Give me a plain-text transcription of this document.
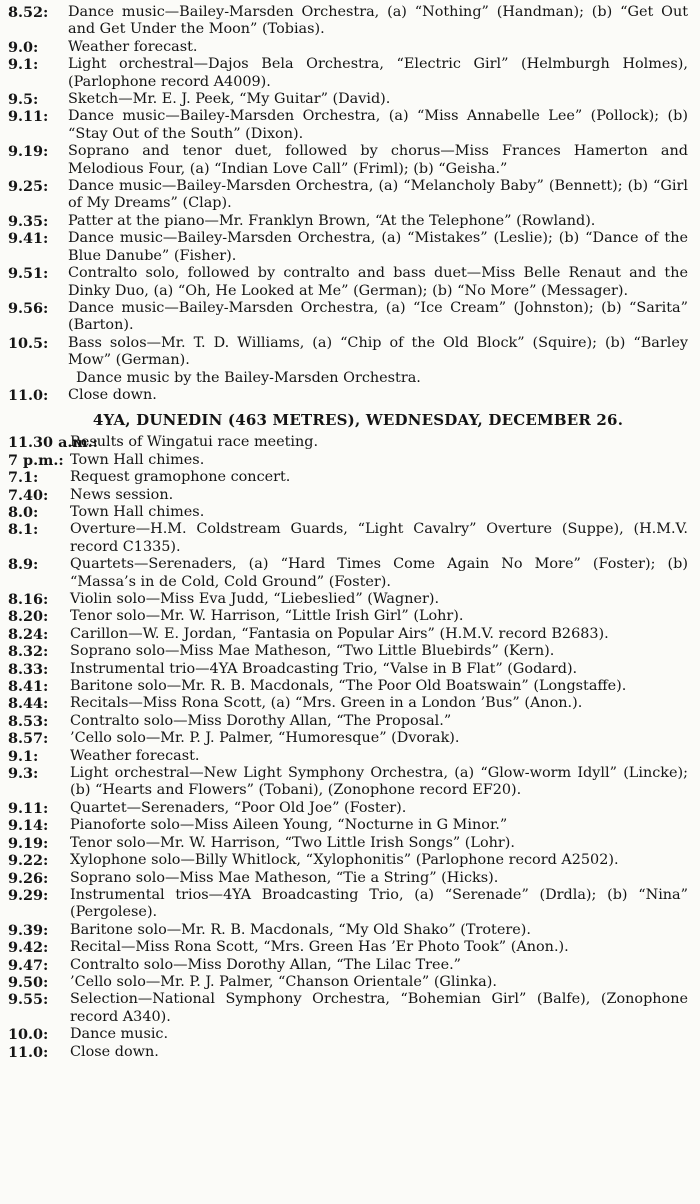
8.52: Dance music—Bailey-Marsden Orchestra, (a) “Nothing” (Handman); (b) “Get Out and Get Under the Moon” (Tobias).
9.0: Weather forecast.
9.1: Light orchestral—Dajos Bela Orchestra, “Electric Girl” (Helmburgh Holmes), (Parlophone record A4009).
9.5: Sketch—Mr. E. J. Peek, “My Guitar” (David).
9.11: Dance music—Bailey-Marsden Orchestra, (a) “Miss Annabelle Lee” (Pollock); (b) “Stay Out of the South” (Dixon).
9.19: Soprano and tenor duet, followed by chorus—Miss Frances Hamerton and Melodious Four, (a) “Indian Love Call” (Friml); (b) “Geisha.”
9.25: Dance music—Bailey-Marsden Orchestra, (a) “Melancholy Baby” (Bennett); (b) “Girl of My Dreams” (Clap).
9.35: Patter at the piano—Mr. Franklyn Brown, “At the Telephone” (Rowland).
9.41: Dance music—Bailey-Marsden Orchestra, (a) “Mistakes” (Leslie); (b) “Dance of the Blue Danube” (Fisher).
9.51: Contralto solo, followed by contralto and bass duet—Miss Belle Renaut and the Dinky Duo, (a) “Oh, He Looked at Me” (German); (b) “No More” (Messager).
9.56: Dance music—Bailey-Marsden Orchestra, (a) “Ice Cream” (Johnston); (b) “Sarita” (Barton).
10.5: Bass solos—Mr. T. D. Williams, (a) “Chip of the Old Block” (Squire); (b) “Barley Mow” (German).
Dance music by the Bailey-Marsden Orchestra.
11.0: Close down.
4YA, DUNEDIN (463 METRES), WEDNESDAY, DECEMBER 26.
11.30 a.m.:
Results of Wingatui race meeting.
7 p.m.: Town Hall chimes.
7.1: Request gramophone concert.
7.40: News session.
8.0: Town Hall chimes.
8.1: Overture—H.M. Coldstream Guards, “Light Cavalry” Overture (Suppe), (H.M.V. record C1335).
8.9: Quartets—Serenaders, (a) “Hard Times Come Again No More” (Foster); (b) “Massa’s in de Cold, Cold Ground” (Foster).
8.16: Violin solo—Miss Eva Judd, “Liebeslied” (Wagner).
8.20: Tenor solo—Mr. W. Harrison, “Little Irish Girl” (Lohr).
8.24: Carillon—W. E. Jordan, “Fantasia on Popular Airs” (H.M.V. record B2683).
8.32: Soprano solo—Miss Mae Matheson, “Two Little Bluebirds” (Kern).
8.33: Instrumental trio—4YA Broadcasting Trio, “Valse in B Flat” (Godard).
8.41: Baritone solo—Mr. R. B. Macdonals, “The Poor Old Boatswain” (Longstaffe).
8.44: Recitals—Miss Rona Scott, (a) “Mrs. Green in a London ’Bus” (Anon.).
8.53: Contralto solo—Miss Dorothy Allan, “The Proposal.”
8.57: ’Cello solo—Mr. P. J. Palmer, “Humoresque” (Dvorak).
9.1: Weather forecast.
9.3: Light orchestral—New Light Symphony Orchestra, (a) “Glow-worm Idyll” (Lincke); (b) “Hearts and Flowers” (Tobani), (Zonophone record EF20).
9.11: Quartet—Serenaders, “Poor Old Joe” (Foster).
9.14: Pianoforte solo—Miss Aileen Young, “Nocturne in G Minor.”
9.19: Tenor solo—Mr. W. Harrison, “Two Little Irish Songs” (Lohr).
9.22: Xylophone solo—Billy Whitlock, “Xylophonitis” (Parlophone record A2502).
9.26: Soprano solo—Miss Mae Matheson, “Tie a String” (Hicks).
9.29: Instrumental trios—4YA Broadcasting Trio, (a) “Serenade” (Drdla); (b) “Nina” (Pergolese).
9.39: Baritone solo—Mr. R. B. Macdonals, “My Old Shako” (Trotere).
9.42: Recital—Miss Rona Scott, “Mrs. Green Has ’Er Photo Took” (Anon.).
9.47: Contralto solo—Miss Dorothy Allan, “The Lilac Tree.”
9.50: ’Cello solo—Mr. P. J. Palmer, “Chanson Orientale” (Glinka).
9.55: Selection—National Symphony Orchestra, “Bohemian Girl” (Balfe), (Zonophone record A340).
10.0: Dance music.
11.0: Close down.
